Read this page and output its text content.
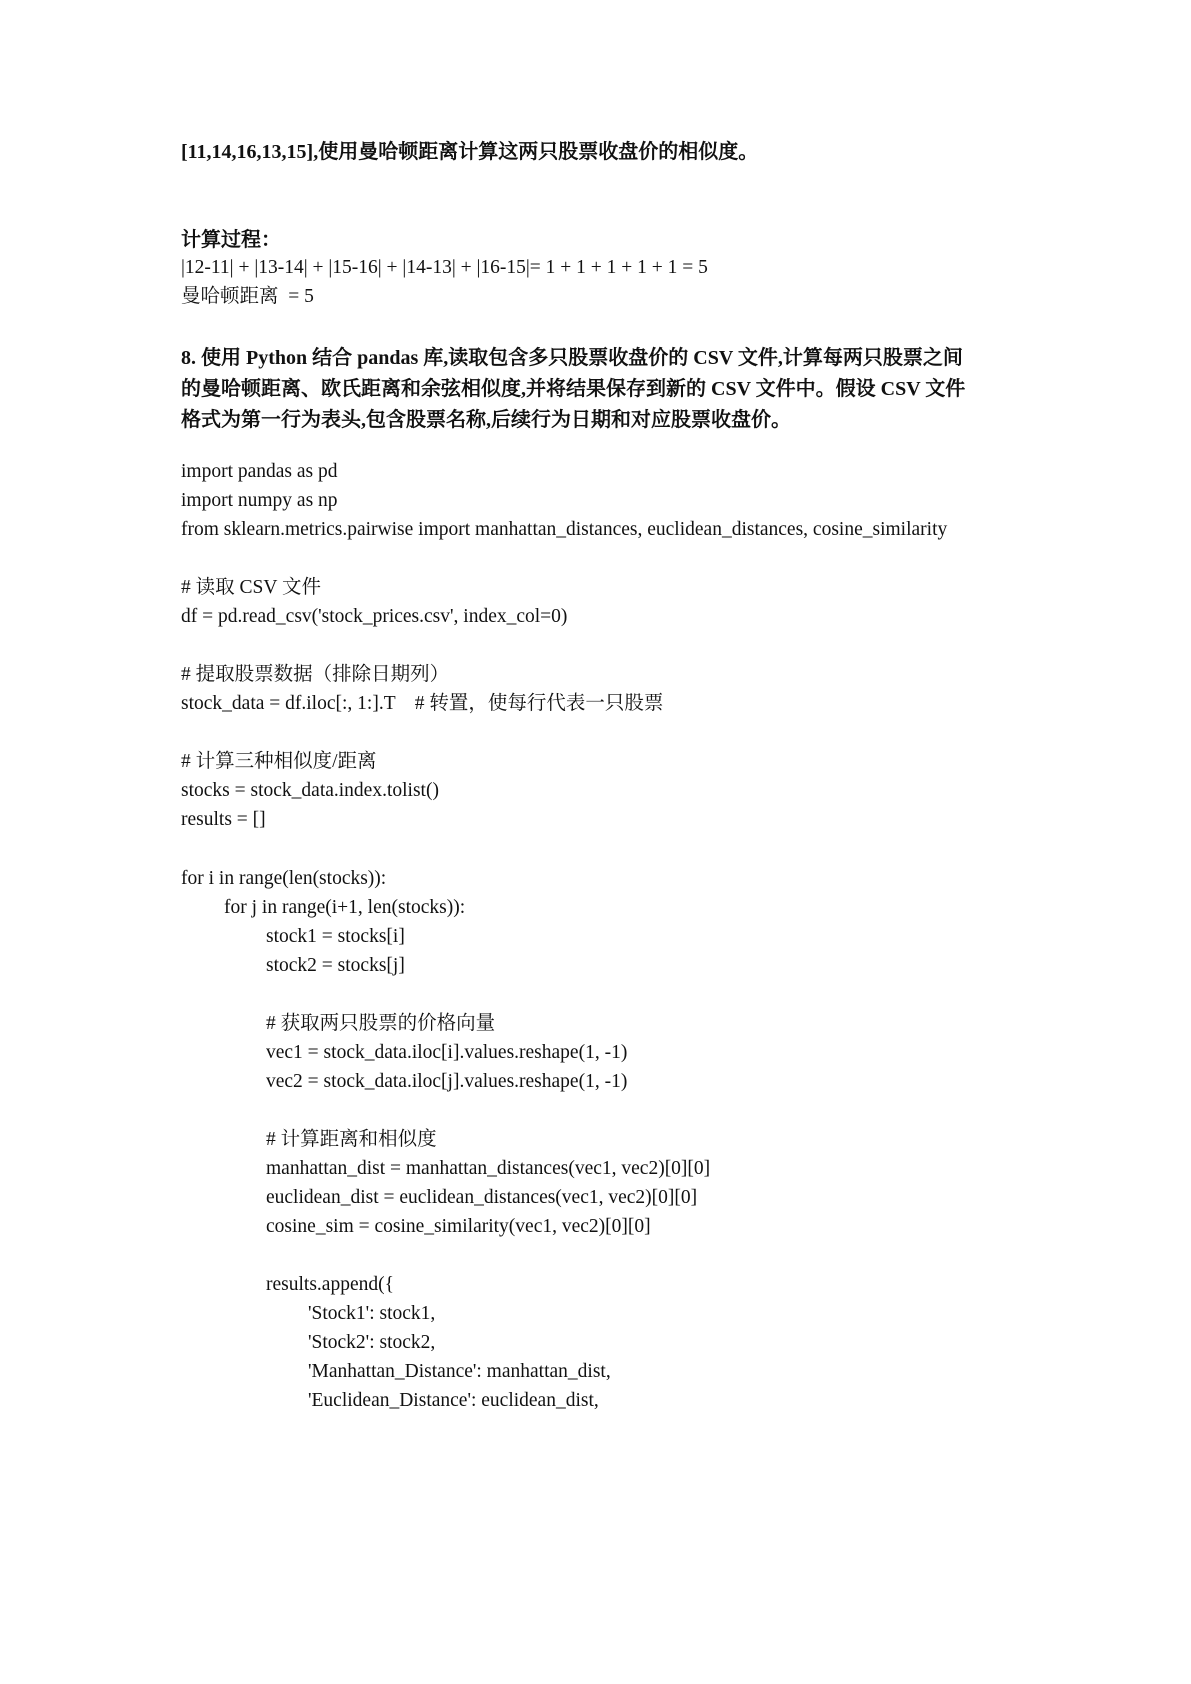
[11,14,16,13,15],使用曼哈顿距离计算这两只股票收盘价的相似度。
计算过程：
|12-11| + |13-14| + |15-16| + |14-13| + |16-15|= 1 + 1 + 1 + 1 + 1 = 5
曼哈顿距离  = 5
8. 使用 Python 结合 pandas 库,读取包含多只股票收盘价的 CSV 文件,计算每两只股票之间
的曼哈顿距离、欧氏距离和余弦相似度,并将结果保存到新的 CSV 文件中。假设 CSV 文件
格式为第一行为表头,包含股票名称,后续行为日期和对应股票收盘价。
import pandas as pd
import numpy as np
from sklearn.metrics.pairwise import manhattan_distances, euclidean_distances, cosine_similarity
# 读取 CSV 文件
df = pd.read_csv('stock_prices.csv', index_col=0)
# 提取股票数据（排除日期列）
stock_data = df.iloc[:, 1:].T    # 转置，使每行代表一只股票
# 计算三种相似度/距离
stocks = stock_data.index.tolist()
results = []
for i in range(len(stocks)):
for j in range(i+1, len(stocks)):
stock1 = stocks[i]
stock2 = stocks[j]
# 获取两只股票的价格向量
vec1 = stock_data.iloc[i].values.reshape(1, -1)
vec2 = stock_data.iloc[j].values.reshape(1, -1)
# 计算距离和相似度
manhattan_dist = manhattan_distances(vec1, vec2)[0][0]
euclidean_dist = euclidean_distances(vec1, vec2)[0][0]
cosine_sim = cosine_similarity(vec1, vec2)[0][0]
results.append({
'Stock1': stock1,
'Stock2': stock2,
'Manhattan_Distance': manhattan_dist,
'Euclidean_Distance': euclidean_dist,
